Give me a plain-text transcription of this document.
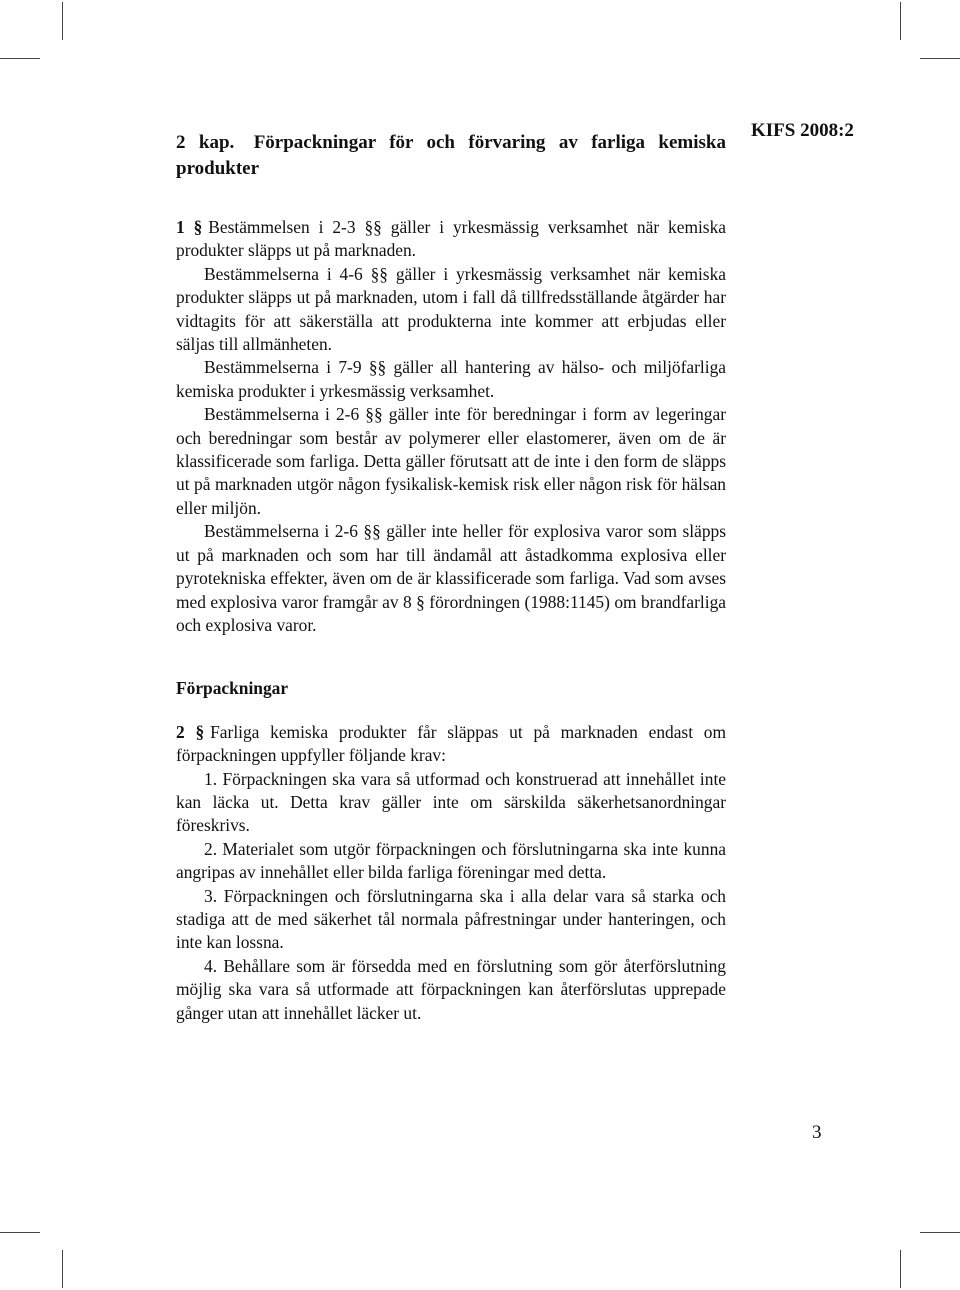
KIFS 2008:2
2 kap. Förpackningar för och förvaring av farliga kemiska produkter

1 § Bestämmelsen i 2-3 §§ gäller i yrkesmässig verksamhet när kemiska produkter släpps ut på marknaden.

Bestämmelserna i 4-6 §§ gäller i yrkesmässig verksamhet när kemiska produkter släpps ut på marknaden, utom i fall då tillfredsställande åtgärder har vidtagits för att säkerställa att produkterna inte kommer att erbjudas eller säljas till allmänheten.

Bestämmelserna i 7-9 §§ gäller all hantering av hälso- och miljöfarliga kemiska produkter i yrkesmässig verksamhet.

Bestämmelserna i 2-6 §§ gäller inte för beredningar i form av legeringar och beredningar som består av polymerer eller elastomerer, även om de är klassificerade som farliga. Detta gäller förutsatt att de inte i den form de släpps ut på marknaden utgör någon fysikalisk-kemisk risk eller någon risk för hälsan eller miljön.

Bestämmelserna i 2-6 §§ gäller inte heller för explosiva varor som släpps ut på marknaden och som har till ändamål att åstadkomma explosiva eller pyrotekniska effekter, även om de är klassificerade som farliga. Vad som avses med explosiva varor framgår av 8 § förordningen (1988:1145) om brandfarliga och explosiva varor.

Förpackningar

2 § Farliga kemiska produkter får släppas ut på marknaden endast om förpackningen uppfyller följande krav:

1. Förpackningen ska vara så utformad och konstruerad att innehållet inte kan läcka ut. Detta krav gäller inte om särskilda säkerhetsanordningar föreskrivs.

2. Materialet som utgör förpackningen och förslutningarna ska inte kunna angripas av innehållet eller bilda farliga föreningar med detta.

3. Förpackningen och förslutningarna ska i alla delar vara så starka och stadiga att de med säkerhet tål normala påfrestningar under hanteringen, och inte kan lossna.

4. Behållare som är försedda med en förslutning som gör återförslutning möjlig ska vara så utformade att förpackningen kan återförslutas upprepade gånger utan att innehållet läcker ut.

3
